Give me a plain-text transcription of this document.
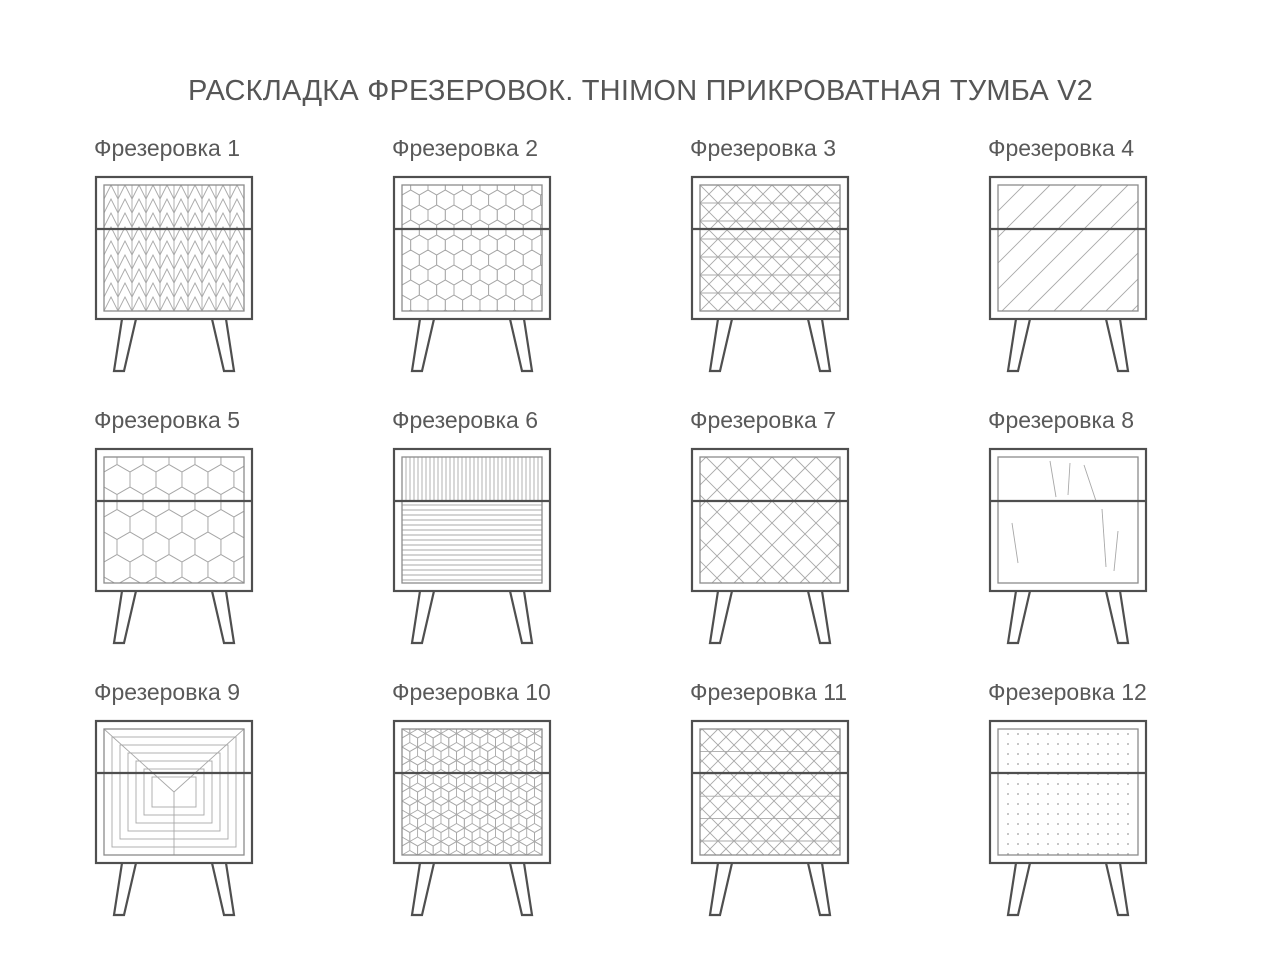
РАСКЛАДКА ФРЕЗЕРОВОК. THIMON ПРИКРОВАТНАЯ ТУМБА V2

Фрезеровка 1	Фрезеровка 2	Фрезеровка 3	Фрезеровка 4

Фрезеровка 5	Фрезеровка 6	Фрезеровка 7	Фрезеровка 8

Фрезеровка 9	Фрезеровка 10	Фрезеровка 11	Фрезеровка 12
